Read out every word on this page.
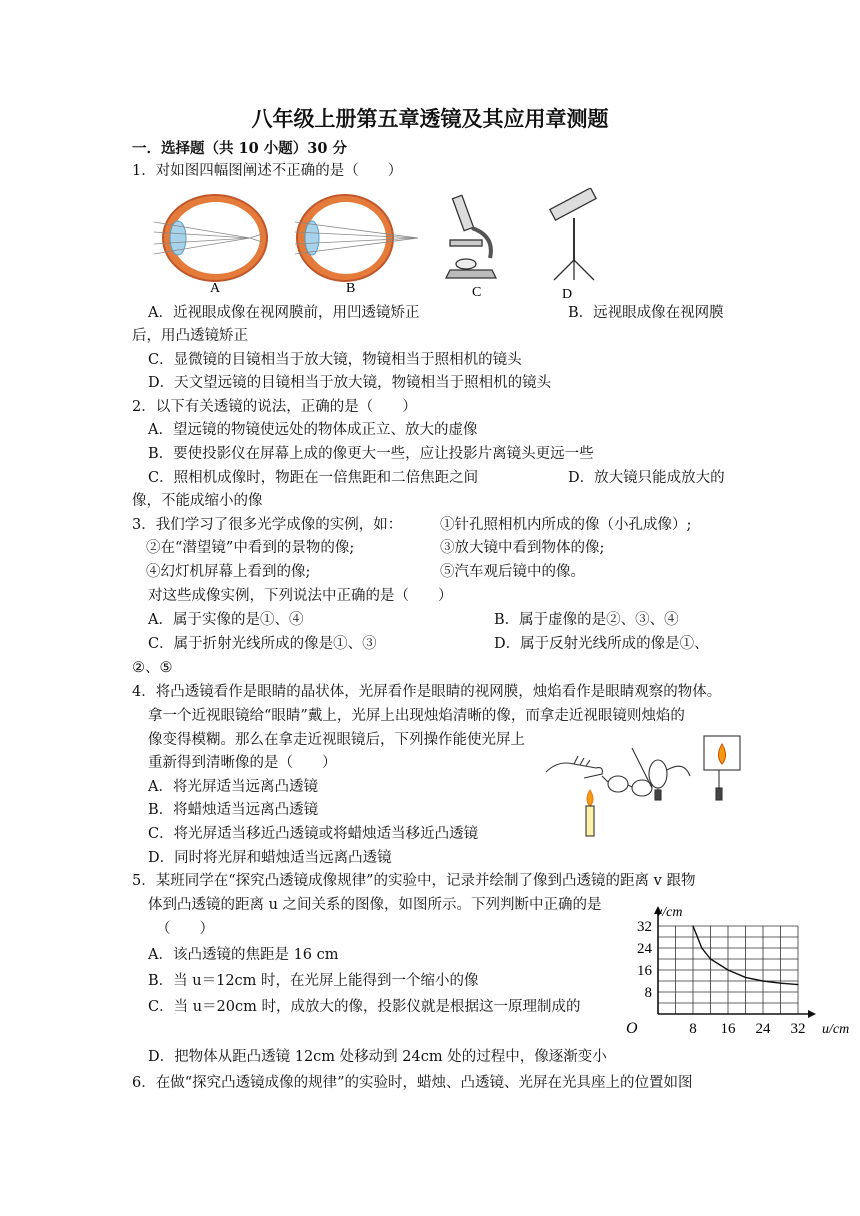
八年级上册第五章透镜及其应用章测题
一．选择题（共 10 小题）30 分
1．对如图四幅图阐述不正确的是（　　）
A	B	C	D
A．近视眼成像在视网膜前，用凹透镜矫正	B．远视眼成像在视网膜
后，用凸透镜矫正
C．显微镜的目镜相当于放大镜，物镜相当于照相机的镜头
D．天文望远镜的目镜相当于放大镜，物镜相当于照相机的镜头
2．以下有关透镜的说法，正确的是（　　）
A．望远镜的物镜使远处的物体成正立、放大的虚像
B．要使投影仪在屏幕上成的像更大一些，应让投影片离镜头更远一些
C．照相机成像时，物距在一倍焦距和二倍焦距之间	D．放大镜只能成放大的
像，不能成缩小的像
3．我们学习了很多光学成像的实例，如：	①针孔照相机内所成的像（小孔成像）;
②在“潜望镜”中看到的景物的像;	③放大镜中看到物体的像;
④幻灯机屏幕上看到的像;	⑤汽车观后镜中的像。
对这些成像实例，下列说法中正确的是（　　）
A．属于实像的是①、④	B．属于虚像的是②、③、④
C．属于折射光线所成的像是①、③	D．属于反射光线所成的像是①、
②、⑤
4．将凸透镜看作是眼睛的晶状体，光屏看作是眼睛的视网膜，烛焰看作是眼睛观察的物体。
拿一个近视眼镜给“眼睛”戴上，光屏上出现烛焰清晰的像，而拿走近视眼镜则烛焰的
像变得模糊。那么在拿走近视眼镜后，下列操作能使光屏上
重新得到清晰像的是（　　）
A．将光屏适当远离凸透镜
B．将蜡烛适当远离凸透镜
C．将光屏适当移近凸透镜或将蜡烛适当移近凸透镜
D．同时将光屏和蜡烛适当远离凸透镜
5．某班同学在“探究凸透镜成像规律”的实验中，记录并绘制了像到凸透镜的距离 v 跟物
体到凸透镜的距离 u 之间关系的图像，如图所示。下列判断中正确的是
（　　）
A．该凸透镜的焦距是 16 cm
B．当 u＝12cm 时，在光屏上能得到一个缩小的像
C．当 u＝20cm 时，成放大的像，投影仪就是根据这一原理制成的
D．把物体从距凸透镜 12cm 处移动到 24cm 处的过程中，像逐渐变小
8 16 24 32
8
16
24
32
v/cm
u/cm
O
6．在做“探究凸透镜成像的规律”的实验时，蜡烛、凸透镜、光屏在光具座上的位置如图
